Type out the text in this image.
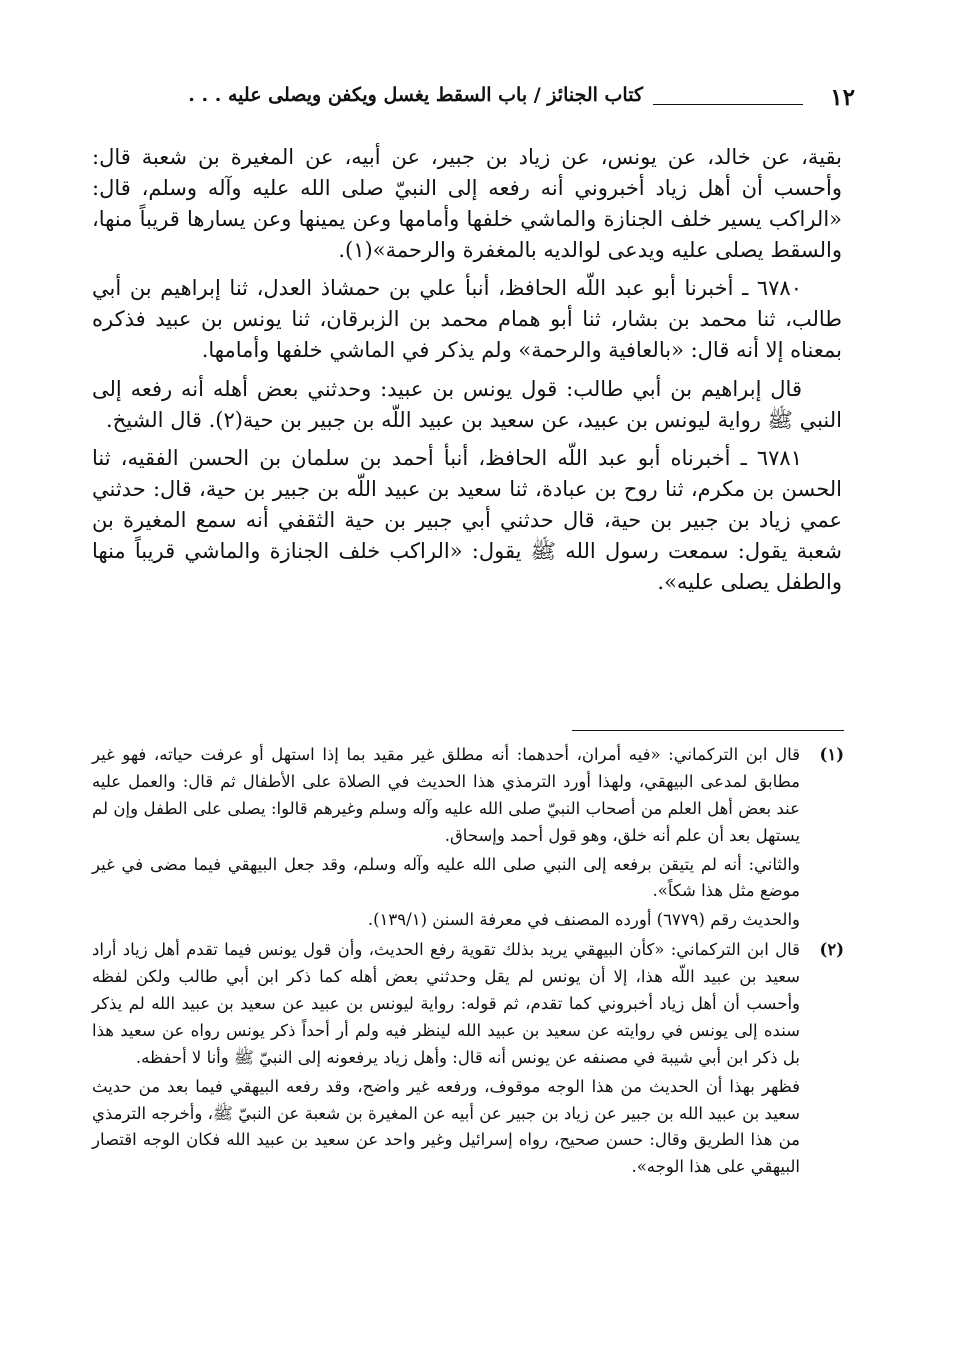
١٢
كتاب الجنائز / باب السقط يغسل ويكفن ويصلى عليه . . .

بقية، عن خالد، عن يونس، عن زياد بن جبير، عن أبيه، عن المغيرة بن شعبة قال: وأحسب أن أهل زياد أخبروني أنه رفعه إلى النبيّ صلى الله عليه وآله وسلم، قال: «الراكب يسير خلف الجنازة والماشي خلفها وأمامها وعن يمينها وعن يسارها قريباً منها، والسقط يصلى عليه ويدعى لوالديه بالمغفرة والرحمة»(١).

٦٧٨٠ ـ أخبرنا أبو عبد اللّه الحافظ، أنبأ علي بن حمشاذ العدل، ثنا إبراهيم بن أبي طالب، ثنا محمد بن بشار، ثنا أبو همام محمد بن الزبرقان، ثنا يونس بن عبيد فذكره بمعناه إلا أنه قال: «بالعافية والرحمة» ولم يذكر في الماشي خلفها وأمامها.

قال إبراهيم بن أبي طالب: قول يونس بن عبيد: وحدثني بعض أهله أنه رفعه إلى النبي ﷺ رواية ليونس بن عبيد، عن سعيد بن عبيد اللّه بن جبير بن حية(٢). قال الشيخ.

٦٧٨١ ـ أخبرناه أبو عبد اللّه الحافظ، أنبأ أحمد بن سلمان بن الحسن الفقيه، ثنا الحسن بن مكرم، ثنا روح بن عبادة، ثنا سعيد بن عبيد اللّه بن جبير بن حية، قال: حدثني عمي زياد بن جبير بن حية، قال حدثني أبي جبير بن حية الثقفي أنه سمع المغيرة بن شعبة يقول: سمعت رسول الله ﷺ يقول: «الراكب خلف الجنازة والماشي قريباً منها والطفل يصلى عليه».

(١)

قال ابن التركماني: «فيه أمران، أحدهما: أنه مطلق غير مقيد بما إذا استهل أو عرفت حياته، فهو غير مطابق لمدعى البيهقي، ولهذا أورد الترمذي هذا الحديث في الصلاة على الأطفال ثم قال: والعمل عليه عند بعض أهل العلم من أصحاب النبيّ صلى الله عليه وآله وسلم وغيرهم قالوا: يصلى على الطفل وإن لم يستهل بعد أن علم أنه خلق، وهو قول أحمد وإسحاق.

والثاني: أنه لم يتيقن برفعه إلى النبي صلى الله عليه وآله وسلم، وقد جعل البيهقي فيما مضى في غير موضع مثل هذا شكاً».

والحديث رقم (٦٧٧٩) أورده المصنف في معرفة السنن (١٣٩/١).

(٢)

قال ابن التركماني: «كأن البيهقي يريد بذلك تقوية رفع الحديث، وأن قول يونس فيما تقدم أهل زياد أراد سعيد بن عبيد اللّه هذا، إلا أن يونس لم يقل وحدثني بعض أهله كما ذكر ابن أبي طالب ولكن لفظه وأحسب أن أهل زياد أخبروني كما تقدم، ثم قوله: رواية ليونس بن عبيد عن سعيد بن عبيد الله لم يذكر سنده إلى يونس في روايته عن سعيد بن عبيد الله لينظر فيه ولم أر أحداً ذكر يونس رواه عن سعيد هذا بل ذكر ابن أبي شيبة في مصنفه عن يونس أنه قال: وأهل زياد يرفعونه إلى النبيّ ﷺ وأنا لا أحفظه.

فظهر بهذا أن الحديث من هذا الوجه موقوف، ورفعه غير واضح، وقد رفعه البيهقي فيما بعد من حديث سعيد بن عبيد الله بن جبير عن زياد بن جبير عن أبيه عن المغيرة بن شعبة عن النبيّ ﷺ، وأخرجه الترمذي من هذا الطريق وقال: حسن صحيح، رواه إسرائيل وغير واحد عن سعيد بن عبيد الله فكان الوجه اقتصار البيهقي على هذا الوجه».
